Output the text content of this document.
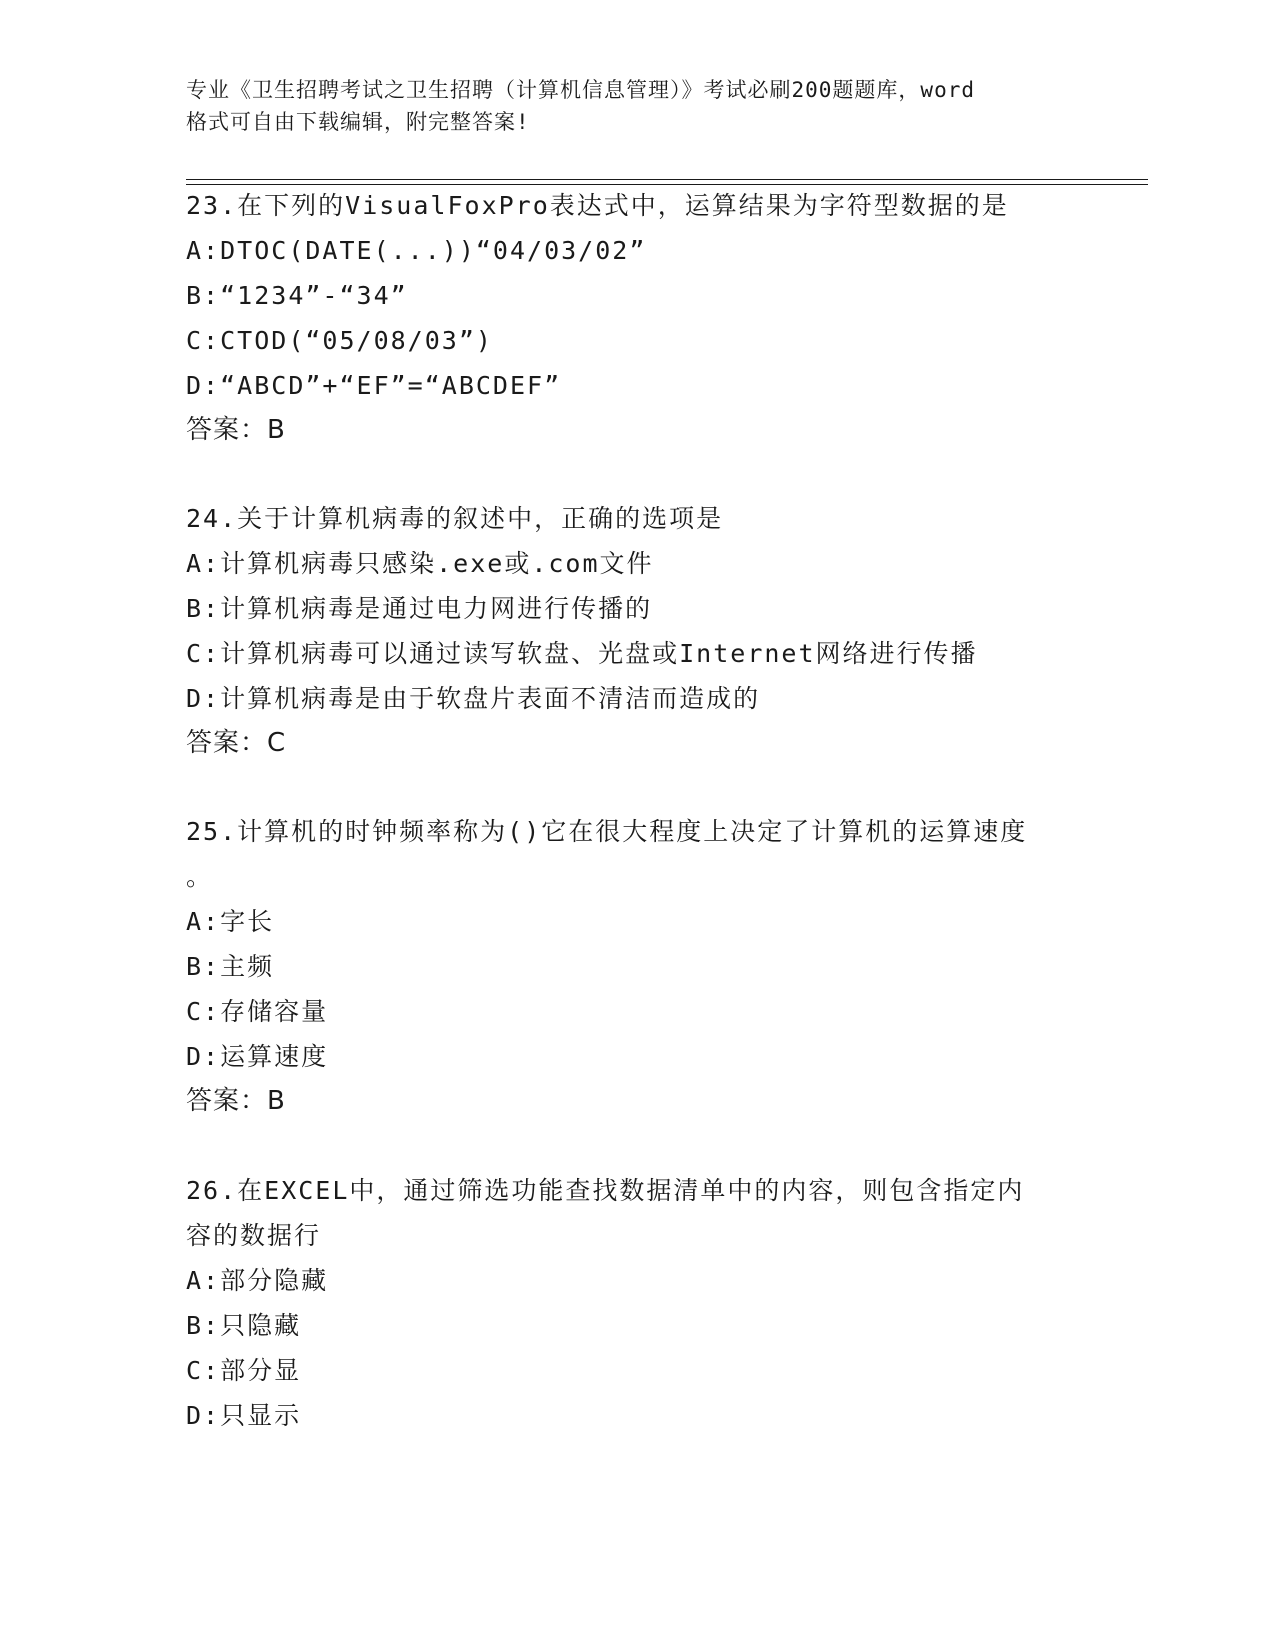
专业《卫生招聘考试之卫生招聘（计算机信息管理）》考试必刷200题题库，word
格式可自由下载编辑，附完整答案!
23.在下列的VisualFoxPro表达式中，运算结果为字符型数据的是
A:DTOC(DATE(...))“04/03/02”
B:“1234”-“34”
C:CTOD(“05/08/03”)
D:“ABCD”+“EF”=“ABCDEF”
答案：B
24.关于计算机病毒的叙述中，正确的选项是
A:计算机病毒只感染.exe或.com文件
B:计算机病毒是通过电力网进行传播的
C:计算机病毒可以通过读写软盘、光盘或Internet网络进行传播
D:计算机病毒是由于软盘片表面不清洁而造成的
答案：C
25.计算机的时钟频率称为()它在很大程度上决定了计算机的运算速度
。
A:字长
B:主频
C:存储容量
D:运算速度
答案：B
26.在EXCEL中，通过筛选功能查找数据清单中的内容，则包含指定内
容的数据行
A:部分隐藏
B:只隐藏
C:部分显
D:只显示
